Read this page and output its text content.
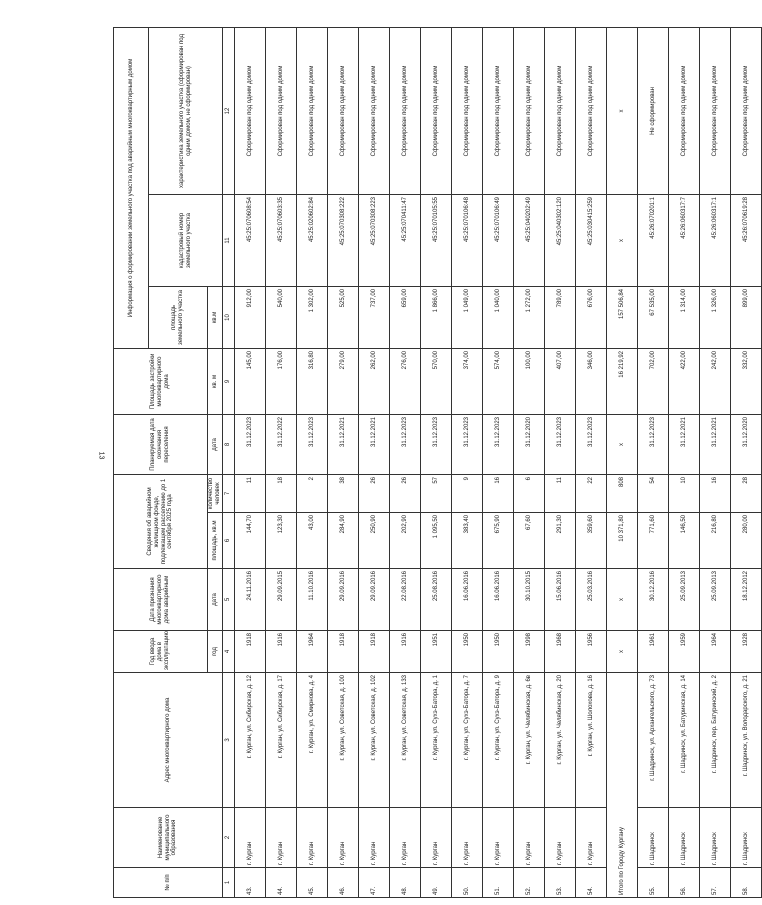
13
№ п/п	Наименование муниципального образования	Адрес многоквартирного дома	Год ввода дома в эксплуатацию	Дата признания многоквартирного дома аварийным	Сведения об аварийном жилищном фонде, подлежащем расселению до 1 сентября 2025 года		Планируемая дата окончания переселения	Площадь застройки многоквартирного дома	Информация о формировании земельного участка под аварийным многоквартирным домом		
									площадь земельного участка	кадастровый номер земельного участка	характеристика земельного участка (сформирован под одним домом, не сформирован)
			год	дата	площадь, кв.м	количество человек	дата	кв. м	кв.м		
1	2	3	4	5	6	7	8	9	10	11	12
43.	г. Курган	г. Курган, ул. Сибирская, д. 12	1918	24.11.2016	144,70	11	31.12.2023	145,00	912,00	45:25:070608:54	Сформирован под одним домом
44.	г. Курган	г. Курган, ул. Сибирская, д. 17	1916	29.09.2015	123,30	18	31.12.2022	176,00	540,00	45:25:070603:35	Сформирован под одним домом
45.	г. Курган	г. Курган, ул. Смирнова, д. 4	1964	11.10.2016	43,00	2	31.12.2023	316,80	1 302,00	45:25:020602:84	Сформирован под одним домом
46.	г. Курган	г. Курган, ул. Советская, д. 100	1918	29.09.2016	284,90	38	31.12.2021	279,00	525,00	45:25:070308:222	Сформирован под одним домом
47.	г. Курган	г. Курган, ул. Советская, д. 102	1918	29.09.2016	250,90	26	31.12.2021	262,00	737,00	45:25:070308:223	Сформирован под одним домом
48.	г. Курган	г. Курган, ул. Советская, д. 133	1916	22.08.2016	202,90	26	31.12.2023	276,00	659,00	45:25:070411:47	Сформирован под одним домом
49.	г. Курган	г. Курган, ул. Сухэ-Батора, д. 1	1951	25.08.2016	1 095,50	57	31.12.2023	570,00	1 866,00	45:25:070105:55	Сформирован под одним домом
50.	г. Курган	г. Курган, ул. Сухэ-Батора, д. 7	1950	16.06.2016	383,40	9	31.12.2023	374,00	1 049,00	45:25:070106:48	Сформирован под одним домом
51.	г. Курган	г. Курган, ул. Сухэ-Батора, д. 9	1950	16.06.2016	675,90	16	31.12.2023	574,00	1 040,00	45:25:070106:49	Сформирован под одним домом
52.	г. Курган	г. Курган, ул. Челябинская, д. 6в	1998	30.10.2015	67,60	6	31.12.2020	100,00	1 272,00	45:25:040202:49	Сформирован под одним домом
53.	г. Курган	г. Курган, ул. Челябинская, д. 20	1968	15.06.2016	291,30	11	31.12.2023	407,00	789,00	45:25:040302:120	Сформирован под одним домом
54.	г. Курган	г. Курган, ул. Шолохова, д. 16	1956	25.03.2016	359,60	22	31.12.2023	346,00	676,00	45:25:030415:259	Сформирован под одним домом
Итого по Городу Кургану			x	x	10 371,80	808	x	16 219,92	157 506,84	x	x
55.	г. Шадринск	г. Шадринск, ул. Архангельского, д. 73	1961	30.12.2016	771,60	54	31.12.2023	702,00	67 535,00	45:26:070201:1	Не сформирован
56.	г. Шадринск	г. Шадринск, ул. Батуринская, д. 14	1959	25.09.2013	146,50	10	31.12.2021	422,00	1 314,00	45:26:060317:7	Сформирован под одним домом
57.	г. Шадринск	г. Шадринск, пер. Батуринский, д. 2	1964	25.09.2013	216,80	16	31.12.2021	242,00	1 326,00	45:26:060317:1	Сформирован под одним домом
58.	г. Шадринск	г. Шадринск, ул. Володарского, д. 21	1928	18.12.2012	280,00	28	31.12.2020	332,00	899,00	45:26:070619:28	Сформирован под одним домом
